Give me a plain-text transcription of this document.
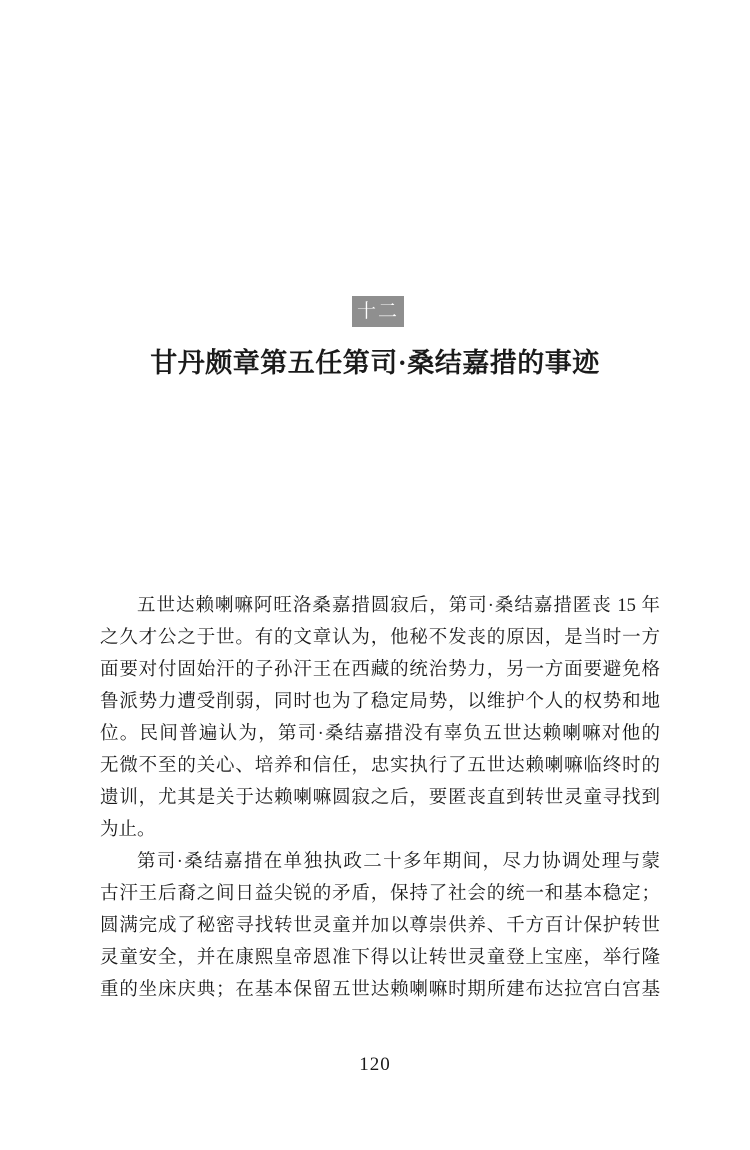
十二
甘丹颇章第五任第司·桑结嘉措的事迹
五世达赖喇嘛阿旺洛桑嘉措圆寂后，第司·桑结嘉措匿丧 15 年
之久才公之于世。有的文章认为，他秘不发丧的原因，是当时一方
面要对付固始汗的子孙汗王在西藏的统治势力，另一方面要避免格
鲁派势力遭受削弱，同时也为了稳定局势，以维护个人的权势和地
位。民间普遍认为，第司·桑结嘉措没有辜负五世达赖喇嘛对他的
无微不至的关心、培养和信任，忠实执行了五世达赖喇嘛临终时的
遗训，尤其是关于达赖喇嘛圆寂之后，要匿丧直到转世灵童寻找到
为止。
第司·桑结嘉措在单独执政二十多年期间，尽力协调处理与蒙
古汗王后裔之间日益尖锐的矛盾，保持了社会的统一和基本稳定；
圆满完成了秘密寻找转世灵童并加以尊崇供养、千方百计保护转世
灵童安全，并在康熙皇帝恩准下得以让转世灵童登上宝座，举行隆
重的坐床庆典；在基本保留五世达赖喇嘛时期所建布达拉宫白宫基
120
